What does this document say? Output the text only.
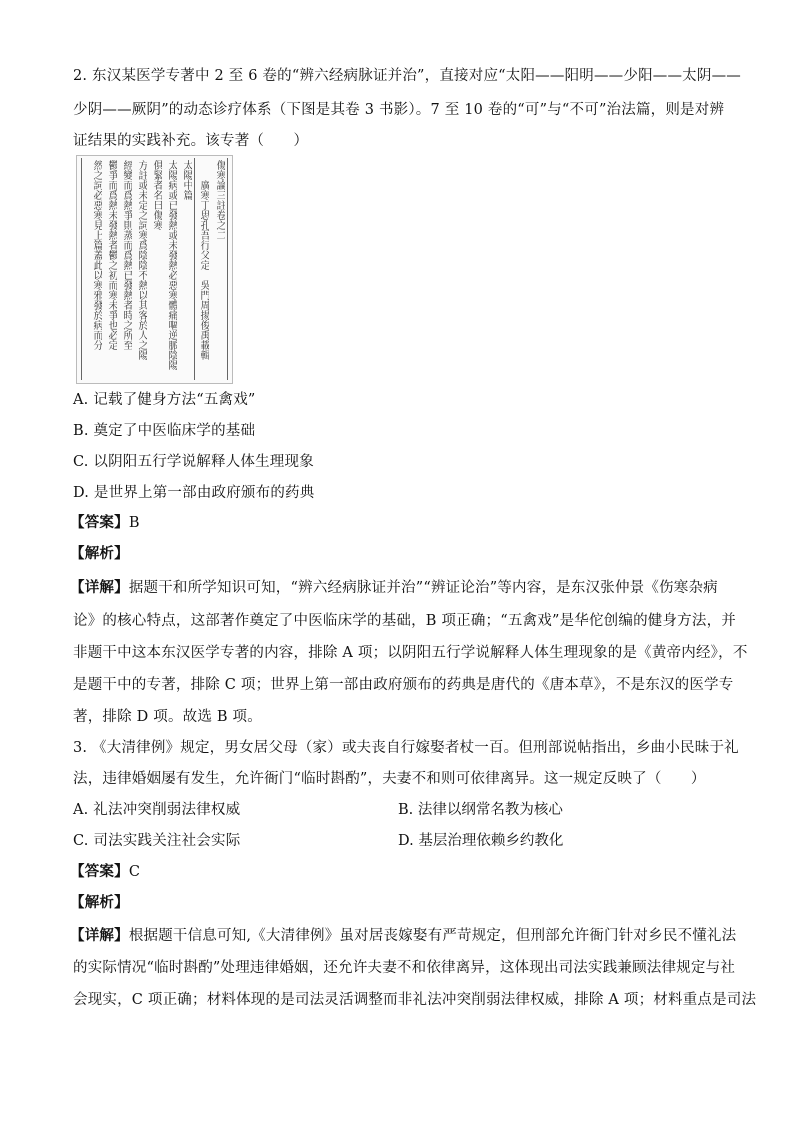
2. 东汉某医学专著中 2 至 6 卷的“辨六经病脉证并治”，直接对应“太阳——阳明——少阳——太阴——
少阴——厥阴”的动态诊疗体系（下图是其卷 3 书影）。7 至 10 卷的“可”与“不可”治法篇，则是对辨
证结果的实践补充。该专著（　　）
傷寒論三註卷之二
　　廣寒丁思孔吾行父定　吳門周揚俊禹載輯
太陽中篇
太陽病或已發熱或未發熱必惡寒體痛嘔逆脈陰陽
俱緊者名曰傷寒
方註或未定之詞寒爲陰陰不熱以其客於人之陽
經變而爲熱爭則蒸而爲熱已發熱者時之所至
鬱爭而爲熱未發熱者鬱之初而寒未爭也必定
然之詞必惡寒見上篇蓋此以寒邪發於病而分
A. 记载了健身方法“五禽戏”
B. 奠定了中医临床学的基础
C. 以阴阳五行学说解释人体生理现象
D. 是世界上第一部由政府颁布的药典
【答案】B
【解析】
【详解】据题干和所学知识可知，“辨六经病脉证并治”“辨证论治”等内容，是东汉张仲景《伤寒杂病
论》的核心特点，这部著作奠定了中医临床学的基础，B 项正确；“五禽戏”是华佗创编的健身方法，并
非题干中这本东汉医学专著的内容，排除 A 项；以阴阳五行学说解释人体生理现象的是《黄帝内经》，不
是题干中的专著，排除 C 项；世界上第一部由政府颁布的药典是唐代的《唐本草》，不是东汉的医学专
著，排除 D 项。故选 B 项。
3. 《大清律例》规定，男女居父母（家）或夫丧自行嫁娶者杖一百。但刑部说帖指出，乡曲小民昧于礼
法，违律婚姻屡有发生，允许衙门“临时斟酌”，夫妻不和则可依律离异。这一规定反映了（　　）
A. 礼法冲突削弱法律权威	B. 法律以纲常名教为核心
C. 司法实践关注社会实际	D. 基层治理依赖乡约教化
【答案】C
【解析】
【详解】根据题干信息可知,《大清律例》虽对居丧嫁娶有严苛规定，但刑部允许衙门针对乡民不懂礼法
的实际情况“临时斟酌”处理违律婚姻，还允许夫妻不和依律离异，这体现出司法实践兼顾法律规定与社
会现实，C 项正确；材料体现的是司法灵活调整而非礼法冲突削弱法律权威，排除 A 项；材料重点是司法
